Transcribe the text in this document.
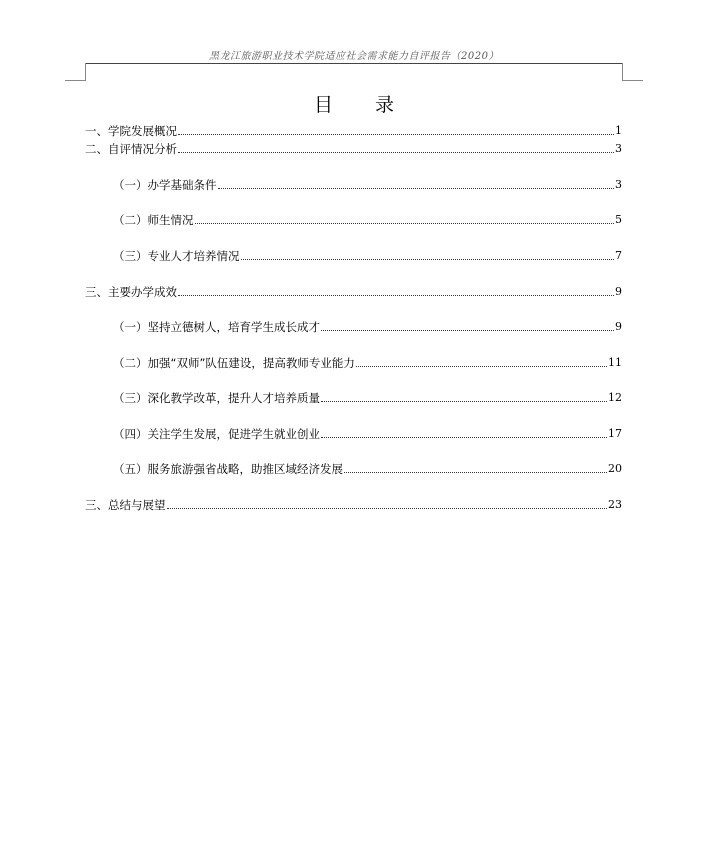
黑龙江旅游职业技术学院适应社会需求能力自评报告（2020）
目 录
一、学院发展概况	1
二、自评情况分析	3
（一）办学基础条件	3
（二）师生情况	5
（三）专业人才培养情况	7
三、主要办学成效	9
（一）坚持立德树人，培育学生成长成才	9
（二）加强“双师”队伍建设，提高教师专业能力	11
（三）深化教学改革，提升人才培养质量	12
（四）关注学生发展，促进学生就业创业	17
（五）服务旅游强省战略，助推区域经济发展	20
三、总结与展望	23
